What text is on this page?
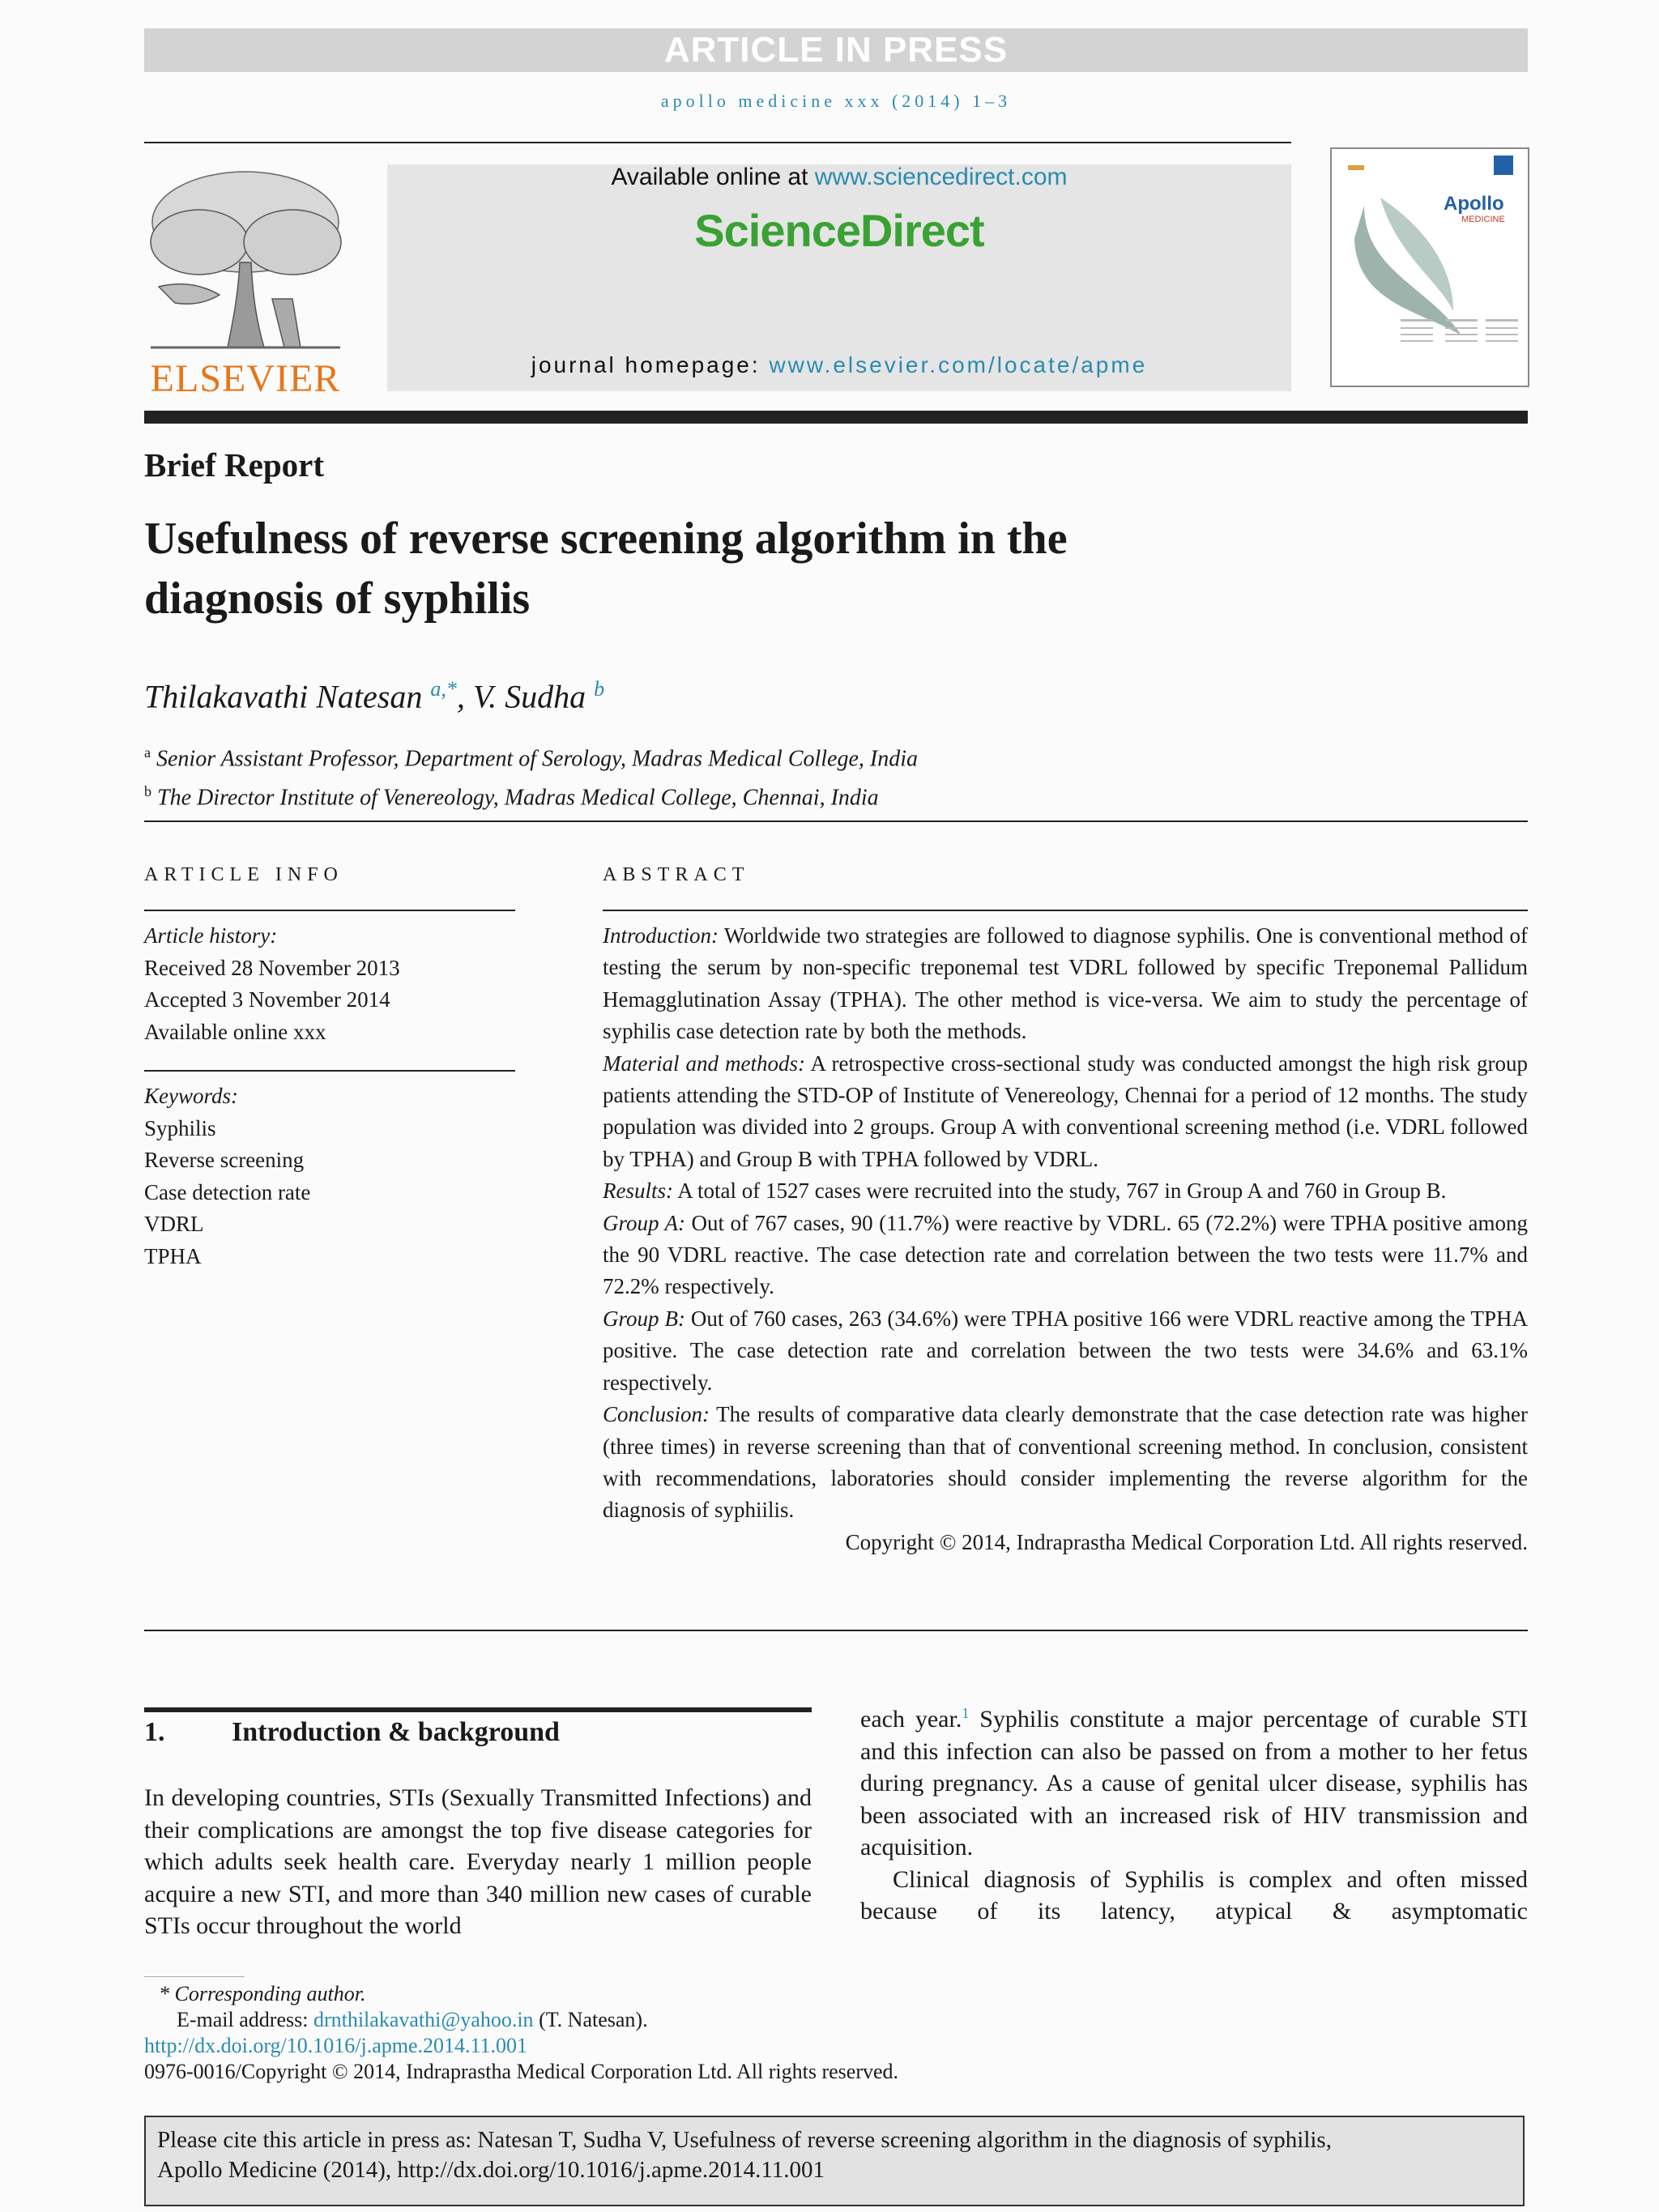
ARTICLE IN PRESS
apollo medicine xxx (2014) 1–3
ELSEVIER
Available online at www.sciencedirect.com
ScienceDirect
journal homepage: www.elsevier.com/locate/apme
Apollo
MEDICINE
Brief Report
Usefulness of reverse screening algorithm in the
diagnosis of syphilis
Thilakavathi Natesan $^{a,*}$, V. Sudha $^b$
$^a$ Senior Assistant Professor, Department of Serology, Madras Medical College, India
$^b$ The Director Institute of Venereology, Madras Medical College, Chennai, India
ARTICLE INFO
Article history:
Received 28 November 2013
Accepted 3 November 2014
Available online xxx
Keywords:
Syphilis
Reverse screening
Case detection rate
VDRL
TPHA
ABSTRACT

Introduction: Worldwide two strategies are followed to diagnose syphilis. One is conventional method of testing the serum by non-specific treponemal test VDRL followed by specific Treponemal Pallidum Hemagglutination Assay (TPHA). The other method is vice-versa. We aim to study the percentage of syphilis case detection rate by both the methods.

Material and methods: A retrospective cross-sectional study was conducted amongst the high risk group patients attending the STD-OP of Institute of Venereology, Chennai for a period of 12 months. The study population was divided into 2 groups. Group A with conventional screening method (i.e. VDRL followed by TPHA) and Group B with TPHA followed by VDRL.

Results: A total of 1527 cases were recruited into the study, 767 in Group A and 760 in Group B.

Group A: Out of 767 cases, 90 (11.7%) were reactive by VDRL. 65 (72.2%) were TPHA positive among the 90 VDRL reactive. The case detection rate and correlation between the two tests were 11.7% and 72.2% respectively.

Group B: Out of 760 cases, 263 (34.6%) were TPHA positive 166 were VDRL reactive among the TPHA positive. The case detection rate and correlation between the two tests were 34.6% and 63.1% respectively.

Conclusion: The results of comparative data clearly demonstrate that the case detection rate was higher (three times) in reverse screening than that of conventional screening method. In conclusion, consistent with recommendations, laboratories should consider implementing the reverse algorithm for the diagnosis of syphiilis.

Copyright © 2014, Indraprastha Medical Corporation Ltd. All rights reserved.

1. Introduction & background

In developing countries, STIs (Sexually Transmitted Infections) and their complications are amongst the top five disease categories for which adults seek health care. Everyday nearly 1 million people acquire a new STI, and more than 340 million new cases of curable STIs occur throughout the world

each year.$^1$ Syphilis constitute a major percentage of curable STI and this infection can also be passed on from a mother to her fetus during pregnancy. As a cause of genital ulcer disease, syphilis has been associated with an increased risk of HIV transmission and acquisition.

Clinical diagnosis of Syphilis is complex and often missed because of its latency, atypical & asymptomatic

* Corresponding author.
E-mail address: drnthilakavathi@yahoo.in (T. Natesan).
http://dx.doi.org/10.1016/j.apme.2014.11.001
0976-0016/Copyright © 2014, Indraprastha Medical Corporation Ltd. All rights reserved.
Please cite this article in press as: Natesan T, Sudha V, Usefulness of reverse screening algorithm in the diagnosis of syphilis,
Apollo Medicine (2014), http://dx.doi.org/10.1016/j.apme.2014.11.001
